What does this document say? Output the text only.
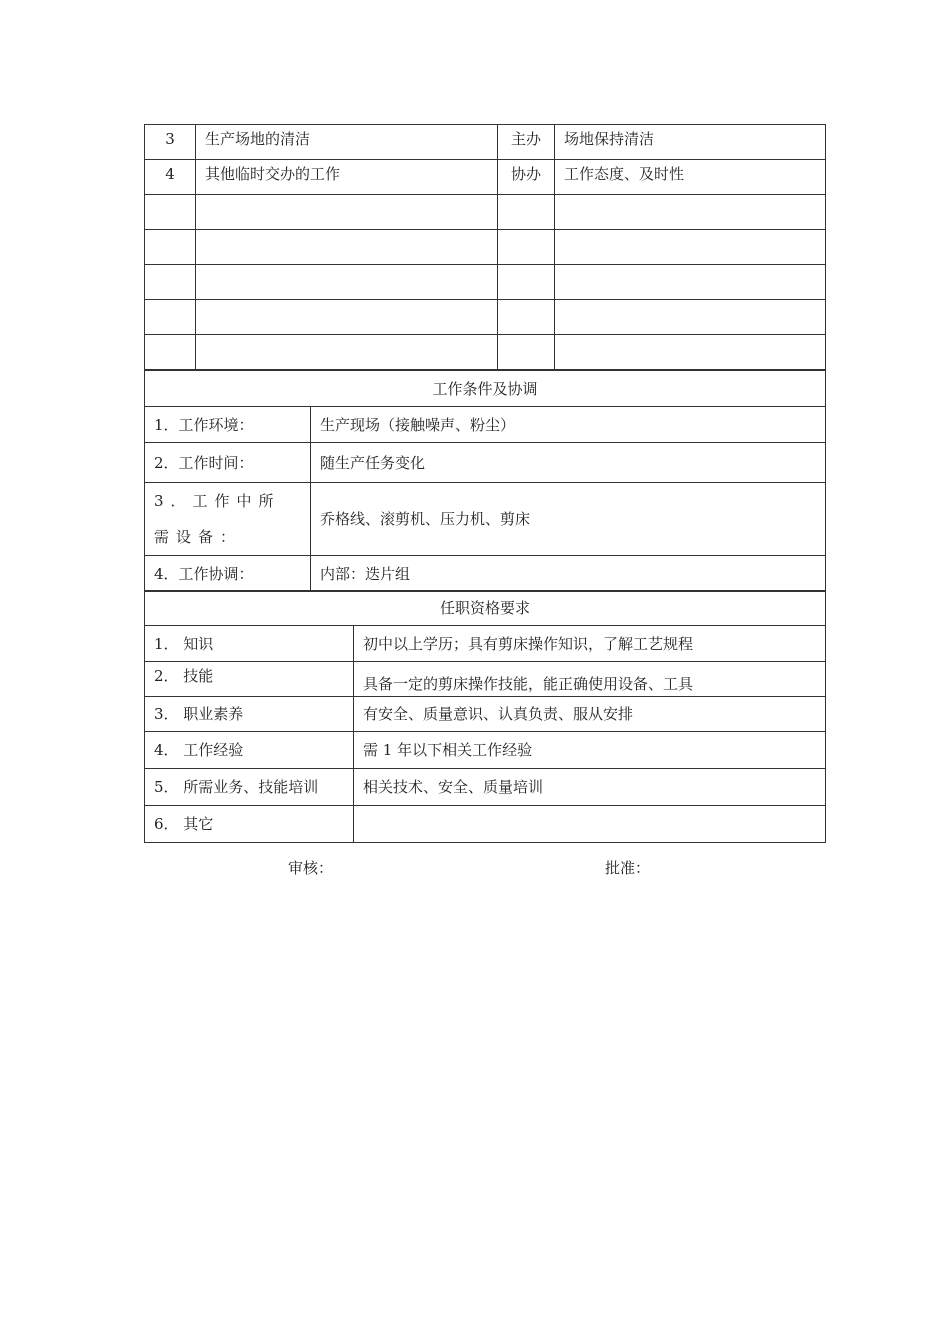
3	生产场地的清洁	主办	场地保持清洁
4	其他临时交办的工作	协办	工作态度、及时性

工作条件及协调	
1．工作环境：	生产现场（接触噪声、粉尘）
2．工作时间：	随生产任务变化
3．工作中所需设备：	乔格线、滚剪机、压力机、剪床
4．工作协调：	内部：迭片组
任职资格要求	
1． 知识	初中以上学历；具有剪床操作知识，了解工艺规程
2． 技能	具备一定的剪床操作技能，能正确使用设备、工具
3． 职业素养	有安全、质量意识、认真负责、服从安排
4． 工作经验	需 1 年以下相关工作经验
5． 所需业务、技能培训	相关技术、安全、质量培训
6． 其它	
审核：	批准：
